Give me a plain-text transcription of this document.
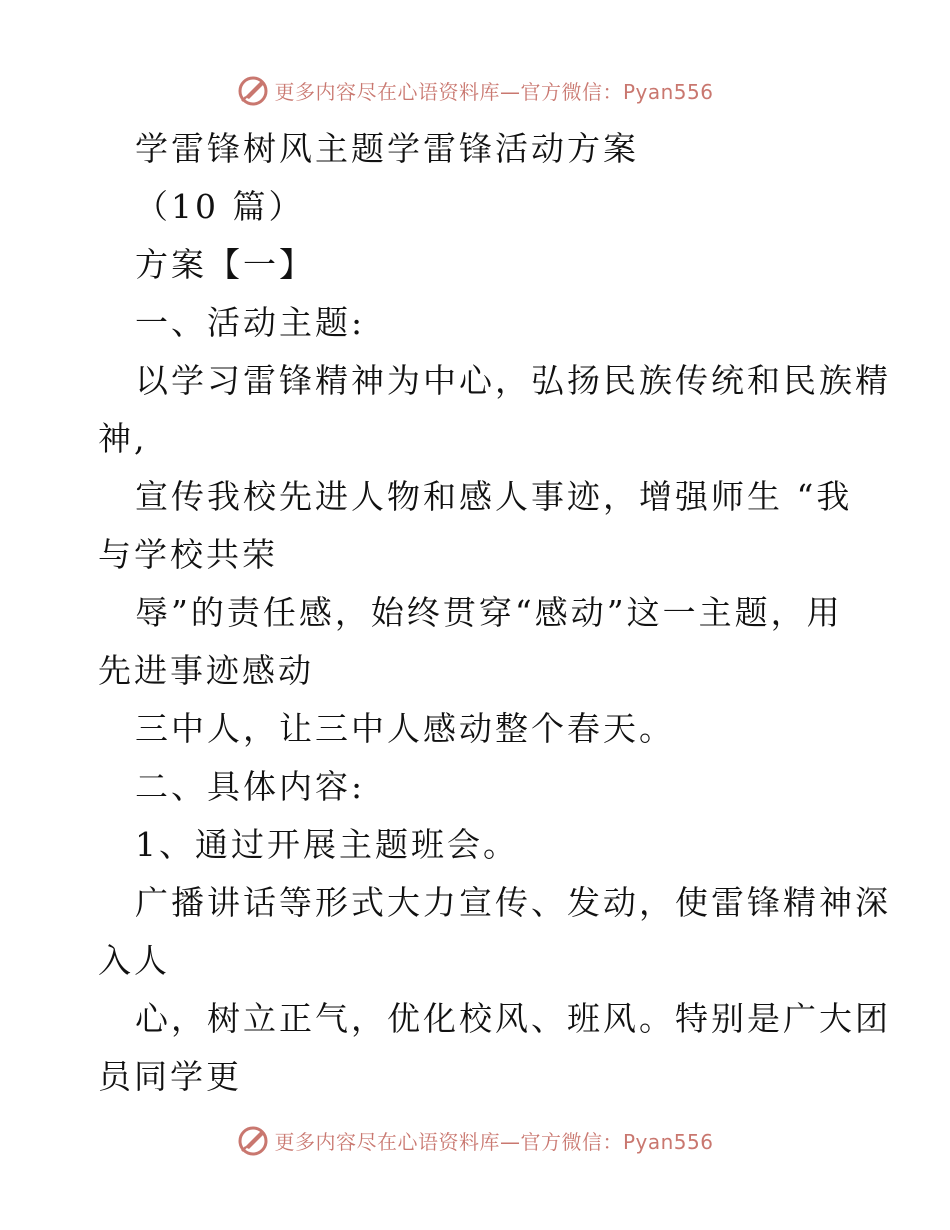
更多内容尽在心语资料库—官方微信：Pyan556
学雷锋树风主题学雷锋活动方案
（10 篇）
方案【一】
一、活动主题:
以学习雷锋精神为中心，弘扬民族传统和民族精
神,
宣传我校先进人物和感人事迹，增强师生 “我
与学校共荣
辱”的责任感，始终贯穿“感动”这一主题，用
先进事迹感动
三中人，让三中人感动整个春天。
二、具体内容:
1、通过开展主题班会。
广播讲话等形式大力宣传、发动，使雷锋精神深
入人
心，树立正气，优化校风、班风。特别是广大团
员同学更
更多内容尽在心语资料库—官方微信：Pyan556
